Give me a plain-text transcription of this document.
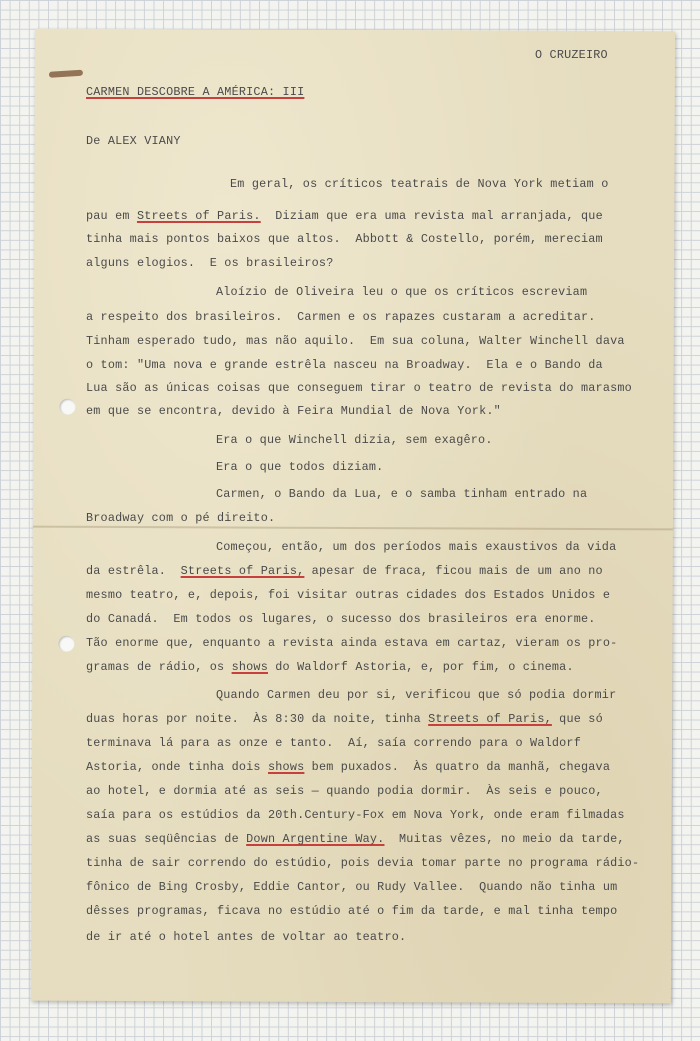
O CRUZEIRO

CARMEN DESCOBRE A AMÉRICA: III

De ALEX VIANY

Em geral, os críticos teatrais de Nova York metiam o

pau em Streets of Paris.  Diziam que era uma revista mal arranjada, que

tinha mais pontos baixos que altos.  Abbott & Costello, porém, mereciam

alguns elogios.  E os brasileiros?

Aloízio de Oliveira leu o que os críticos escreviam

a respeito dos brasileiros.  Carmen e os rapazes custaram a acreditar.

Tinham esperado tudo, mas não aquilo.  Em sua coluna, Walter Winchell dava

o tom: "Uma nova e grande estrêla nasceu na Broadway.  Ela e o Bando da

Lua são as únicas coisas que conseguem tirar o teatro de revista do marasmo

em que se encontra, devido à Feira Mundial de Nova York."

Era o que Winchell dizia, sem exagêro.

Era o que todos diziam.

Carmen, o Bando da Lua, e o samba tinham entrado na

Broadway com o pé direito.

Começou, então, um dos períodos mais exaustivos da vida

da estrêla.  Streets of Paris, apesar de fraca, ficou mais de um ano no

mesmo teatro, e, depois, foi visitar outras cidades dos Estados Unidos e

do Canadá.  Em todos os lugares, o sucesso dos brasileiros era enorme.

Tão enorme que, enquanto a revista ainda estava em cartaz, vieram os pro-

gramas de rádio, os shows do Waldorf Astoria, e, por fim, o cinema.

Quando Carmen deu por si, verificou que só podia dormir

duas horas por noite.  Às 8:30 da noite, tinha Streets of Paris, que só

terminava lá para as onze e tanto.  Aí, saía correndo para o Waldorf

Astoria, onde tinha dois shows bem puxados.  Às quatro da manhã, chegava

ao hotel, e dormia até as seis — quando podia dormir.  Às seis e pouco,

saía para os estúdios da 20th.Century-Fox em Nova York, onde eram filmadas

as suas seqüências de Down Argentine Way.  Muitas vêzes, no meio da tarde,

tinha de sair correndo do estúdio, pois devia tomar parte no programa rádio-

fônico de Bing Crosby, Eddie Cantor, ou Rudy Vallee.  Quando não tinha um

dêsses programas, ficava no estúdio até o fim da tarde, e mal tinha tempo

de ir até o hotel antes de voltar ao teatro.
